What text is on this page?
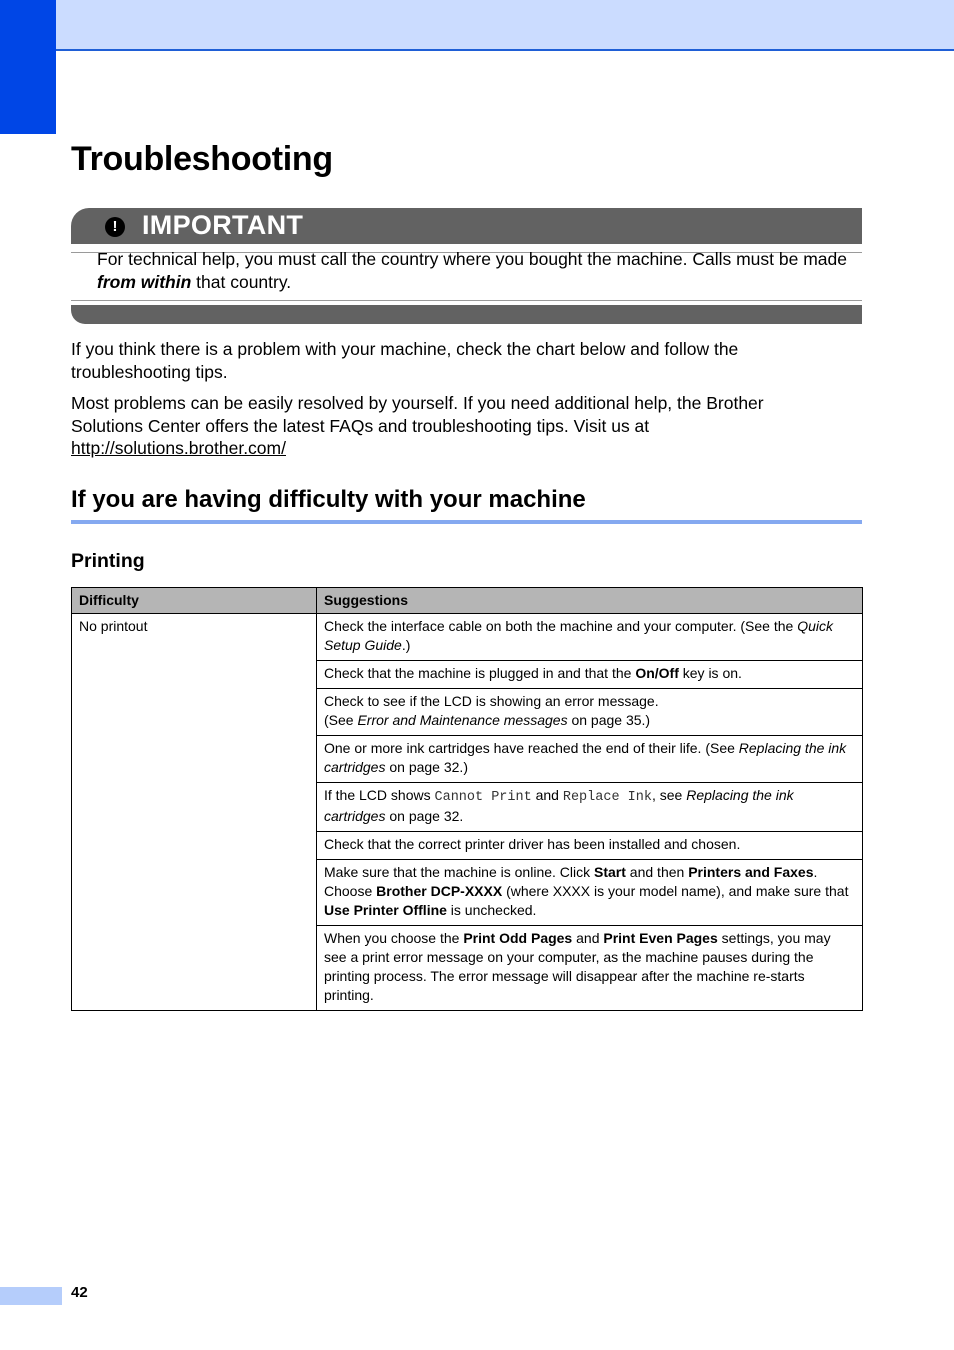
Troubleshooting
! IMPORTANT
For technical help, you must call the country where you bought the machine. Calls must be made from within that country.

If you think there is a problem with your machine, check the chart below and follow the troubleshooting tips.

Most problems can be easily resolved by yourself. If you need additional help, the Brother Solutions Center offers the latest FAQs and troubleshooting tips. Visit us at
http://solutions.brother.com/

If you are having difficulty with your machine
Printing
Difficulty	Suggestions
No printout	Check the interface cable on both the machine and your computer. (See the Quick Setup Guide.)
	Check that the machine is plugged in and that the On/Off key is on.
	Check to see if the LCD is showing an error message.
(See Error and Maintenance messages on page 35.)
	One or more ink cartridges have reached the end of their life. (See Replacing the ink cartridges on page 32.)
	If the LCD shows Cannot Print and Replace Ink, see Replacing the ink cartridges on page 32.
	Check that the correct printer driver has been installed and chosen.
	Make sure that the machine is online. Click Start and then Printers and Faxes. Choose Brother DCP-XXXX (where XXXX is your model name), and make sure that Use Printer Offline is unchecked.
	When you choose the Print Odd Pages and Print Even Pages settings, you may see a print error message on your computer, as the machine pauses during the printing process. The error message will disappear after the machine re-starts printing.
42
